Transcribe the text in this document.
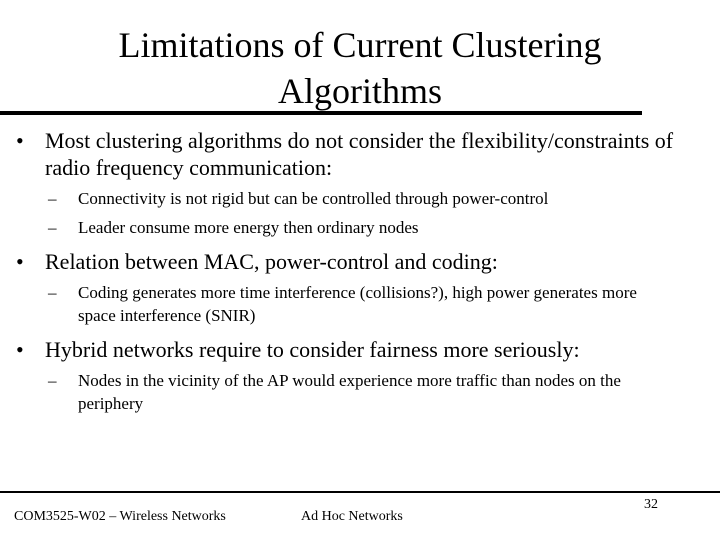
Limitations of Current Clustering Algorithms
• Most clustering algorithms do not consider the flexibility/constraints of radio frequency communication:
– Connectivity is not rigid but can be controlled through power-control
– Leader consume more energy then ordinary nodes
• Relation between MAC, power-control and coding:
– Coding generates more time interference (collisions?), high power generates more space interference (SNIR)
• Hybrid networks require to consider fairness more seriously:
– Nodes in the vicinity of the AP would experience more traffic than nodes on the periphery
COM3525-W02 – Wireless Networks	Ad Hoc Networks
32
